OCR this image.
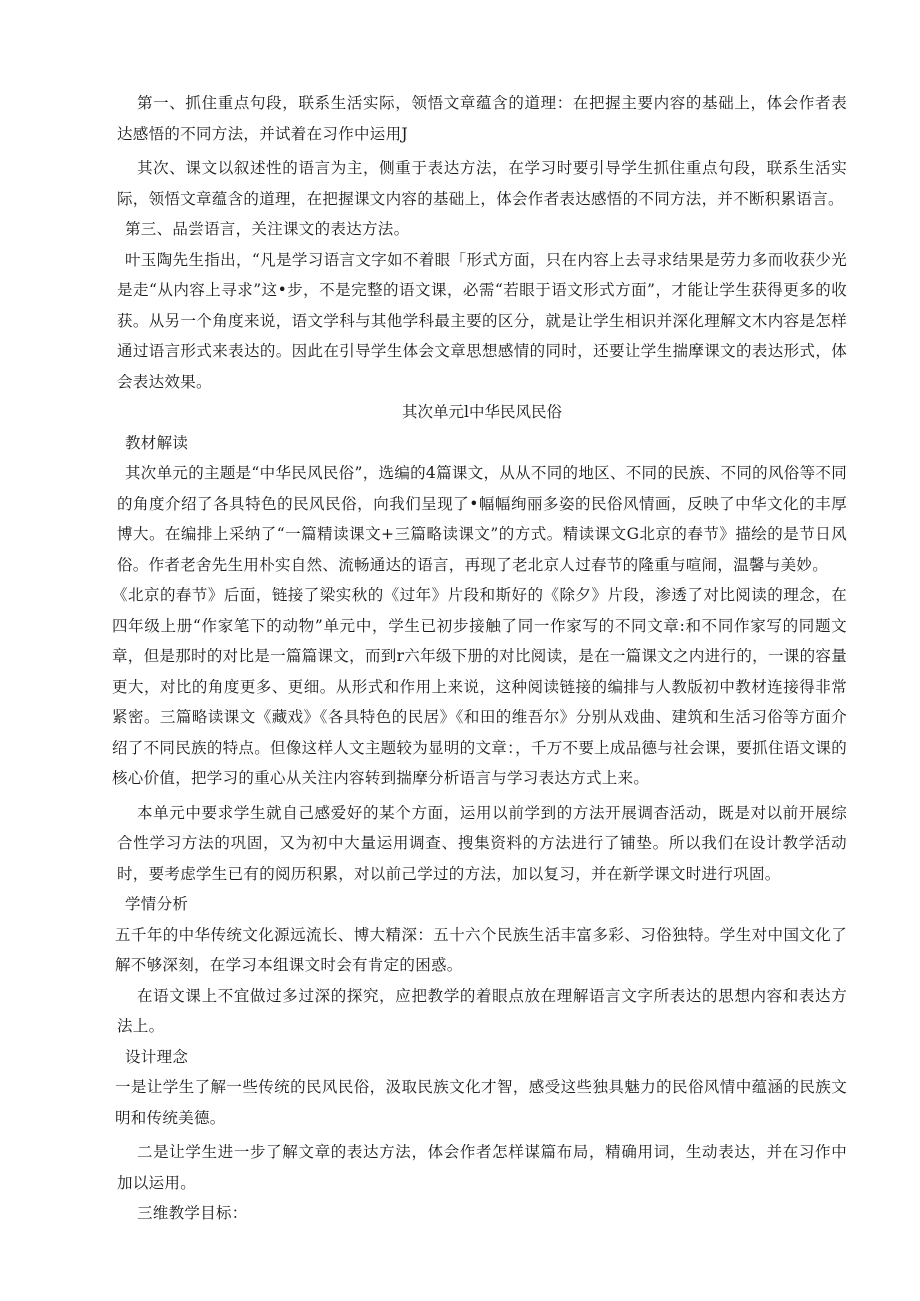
第一、抓住重点句段，联系生活实际，领悟文章蕴含的道理：在把握主要内容的基础上，体会作者表达感悟的不同方法，并试着在习作中运用J

其次、课文以叙述性的语言为主，侧重于表达方法，在学习时要引导学生抓住重点句段，联系生活实际，领悟文章蕴含的道理，在把握课文内容的基础上，体会作者表达感悟的不同方法，并不断积累语言。

第三、品尝语言，关注课文的表达方法。

叶玉陶先生指出，“凡是学习语言文字如不着眼「形式方面，只在内容上去寻求结果是劳力多而收获少光是走“从内容上寻求”这•步，不是完整的语文课，必需“若眼于语文形式方面”，才能让学生获得更多的收获。从另一个角度来说，语文学科与其他学科最主要的区分，就是让学生相识并深化理解文木内容是怎样通过语言形式来表达的。因此在引导学生体会文章思想感情的同时，还要让学生揣摩课文的表达形式，体会表达效果。

其次单元l中华民风民俗

教材解读

其次单元的主题是“中华民风民俗”，选编的4篇课文，从从不同的地区、不同的民族、不同的风俗等不同的角度介绍了各具特色的民风民俗，向我们呈现了•幅幅绚丽多姿的民俗风情画，反映了中华文化的丰厚博大。在编排上采纳了“一篇精读课文+三篇略读课文”的方式。精读课文G北京的春节》描绘的是节日风俗。作者老舍先生用朴实自然、流畅通达的语言，再现了老北京人过春节的隆重与喧闹，温馨与美妙。

《北京的春节》后面，链接了梁实秋的《过年》片段和斯好的《除夕》片段，渗透了对比阅读的理念，在四年级上册“作家笔下的动物”单元中，学生已初步接触了同一作家写的不同文章:和不同作家写的同题文章，但是那时的对比是一篇篇课文，而到r六年级下册的对比阅读，是在一篇课文之内进行的，一课的容量更大，对比的角度更多、更细。从形式和作用上来说，这种阅读链接的编排与人教版初中教材连接得非常紧密。三篇略读课文《藏戏》《各具特色的民居》《和田的维吾尔》分别从戏曲、建筑和生活习俗等方面介绍了不同民族的特点。但像这样人文主题较为显明的文章：，千万不要上成品德与社会课，要抓住语文课的核心价值，把学习的重心从关注内容转到揣摩分析语言与学习表达方式上来。

本单元中要求学生就自己感爱好的某个方面，运用以前学到的方法开展调杳活动，既是对以前开展综合性学习方法的巩固，又为初中大量运用调查、搜集资料的方法进行了铺垫。所以我们在设计教学活动时，要考虑学生已有的阅历积累，对以前己学过的方法，加以复习，并在新学课文时进行巩固。

学情分析

五千年的中华传统文化源远流长、博大精深：五十六个民族生活丰富多彩、习俗独特。学生对中国文化了解不够深刻，在学习本组课文时会有肯定的困惑。

在语文课上不宜做过多过深的探究，应把教学的着眼点放在理解语言文字所表达的思想内容和表达方法上。

设计理念

一是让学生了解一些传统的民风民俗，汲取民族文化才智，感受这些独具魅力的民俗风情中蕴涵的民族文明和传统美德。

二是让学生进一步了解文章的表达方法，体会作者怎样谋篇布局，精确用词，生动表达，并在习作中加以运用。

三维教学目标：
